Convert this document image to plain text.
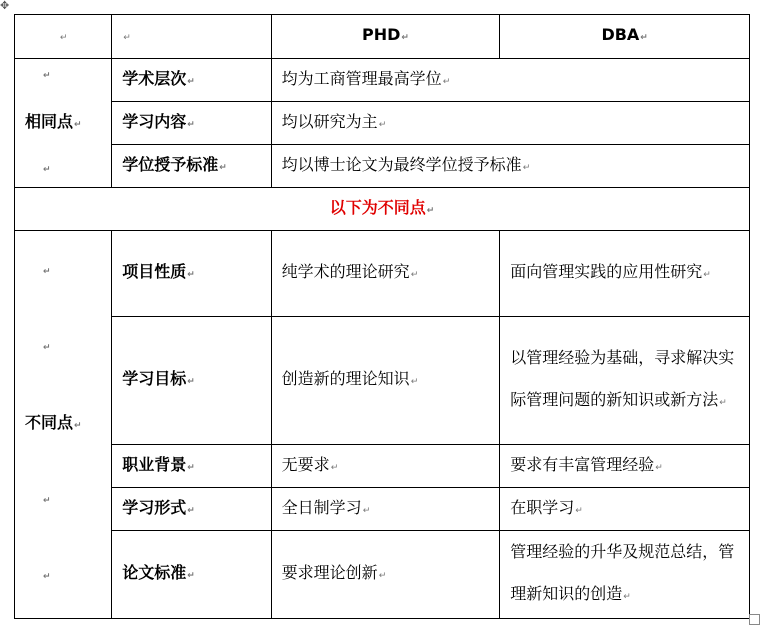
✥
↵	↵	PHD↵	DBA↵

↵
相同点↵
↵	学术层次↵	均为工商管理最高学位↵	
	学习内容↵	均以研究为主↵	
	学位授予标准↵	均以博士论文为最终学位授予标准↵	
以下为不同点↵			

↵
↵
不同点↵
↵
↵	项目性质↵	纯学术的理论研究↵	面向管理实践的应用性研究↵

	学习目标↵	创造新的理论知识↵	以管理经验为基础，寻求解决实际管理问题的新知识或新方法↵

	职业背景↵	无要求↵	要求有丰富管理经验↵
	学习形式↵	全日制学习↵	在职学习↵
	论文标准↵	要求理论创新↵	管理经验的升华及规范总结，管理新知识的创造↵
